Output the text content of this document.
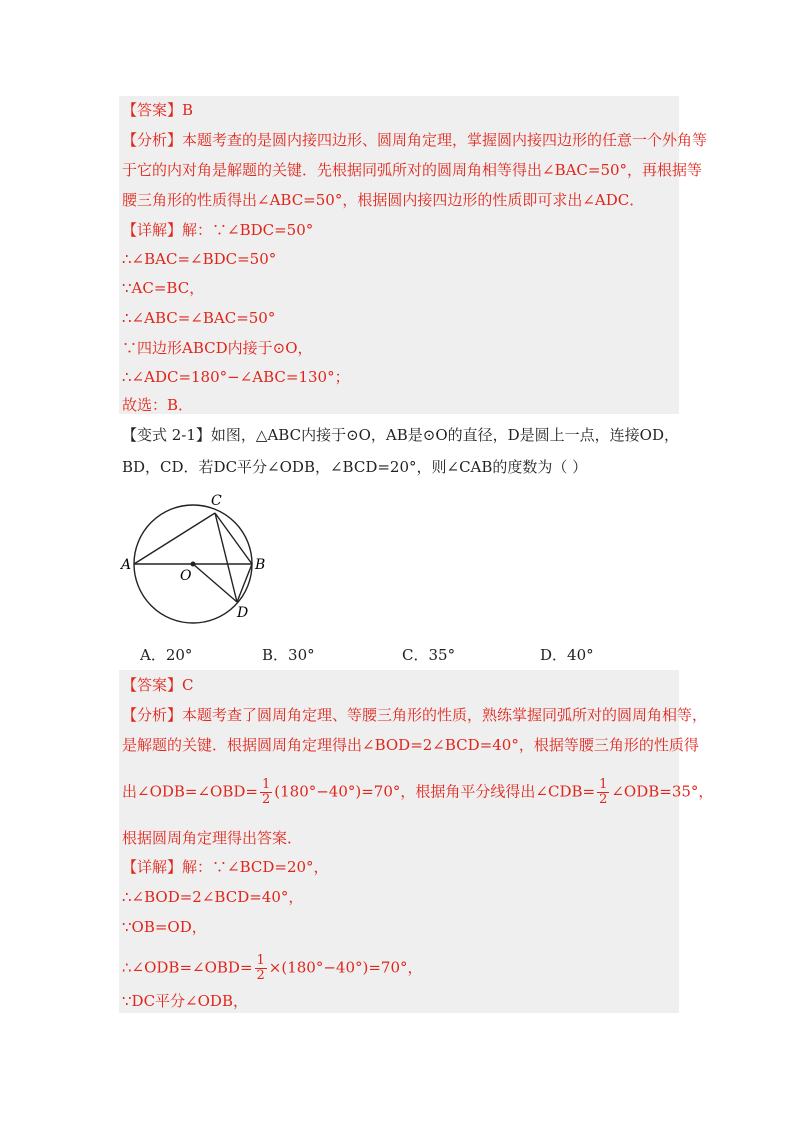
【答案】B
【分析】本题考查的是圆内接四边形、圆周角定理，掌握圆内接四边形的任意一个外角等
于它的内对角是解题的关键．先根据同弧所对的圆周角相等得出∠BAC=50°，再根据等
腰三角形的性质得出∠ABC=50°，根据圆内接四边形的性质即可求出∠ADC．
【详解】解：∵∠BDC=50°
∴∠BAC=∠BDC=50°
∵AC=BC，
∴∠ABC=∠BAC=50°
∵四边形ABCD内接于⊙O，
∴∠ADC=180°−∠ABC=130°；
故选：B．
【变式 2-1】如图，△ABC内接于⊙O，AB是⊙O的直径，D是圆上一点，连接OD，
BD，CD．若DC平分∠ODB，∠BCD=20°，则∠CAB的度数为（ ）
A	B
C
D
O
A．20°	B．30°	C．35°	D．40°
【答案】C
【分析】本题考查了圆周角定理、等腰三角形的性质，熟练掌握同弧所对的圆周角相等，
是解题的关键．根据圆周角定理得出∠BOD=2∠BCD=40°，根据等腰三角形的性质得
出∠ODB=∠OBD= $\frac{1}{2} (180^\circ-40^\circ)=70^\circ$，根据角平分线得出∠CDB= $\frac{1}{2}$ ∠ODB=35°，
根据圆周角定理得出答案．
【详解】解：∵∠BCD=20°，
∴∠BOD=2∠BCD=40°，
∵OB=OD，
∴∠ODB=∠OBD= $\frac{1}{2} \times(180^\circ-40^\circ)=70^\circ$，
∵DC平分∠ODB，
